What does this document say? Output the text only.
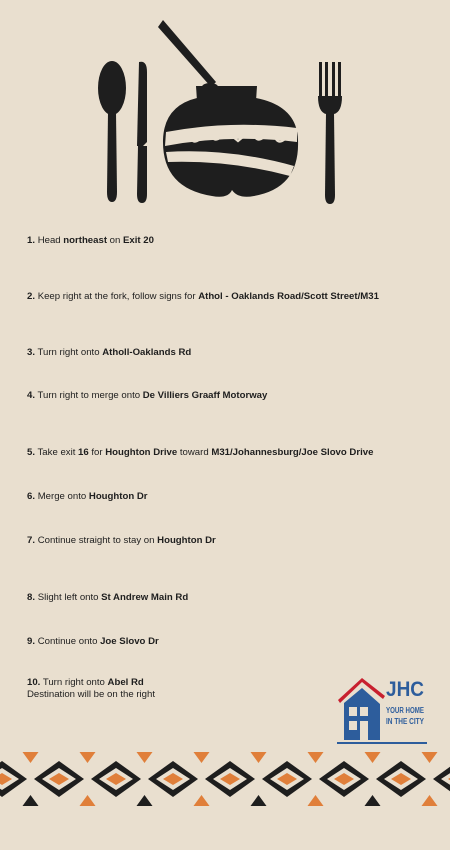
1. Head northeast on Exit 20
2. Keep right at the fork, follow signs for Athol - Oaklands Road/Scott Street/M31
3. Turn right onto Atholl-Oaklands Rd
4. Turn right to merge onto De Villiers Graaff Motorway
5. Take exit 16 for Houghton Drive toward M31/Johannesburg/Joe Slovo Drive
6. Merge onto Houghton Dr
7. Continue straight to stay on Houghton Dr
8. Slight left onto St Andrew Main Rd
9. Continue onto Joe Slovo Dr
10. Turn right onto Abel Rd
Destination will be on the right	JHC
YOUR HOME
IN THE CITY
